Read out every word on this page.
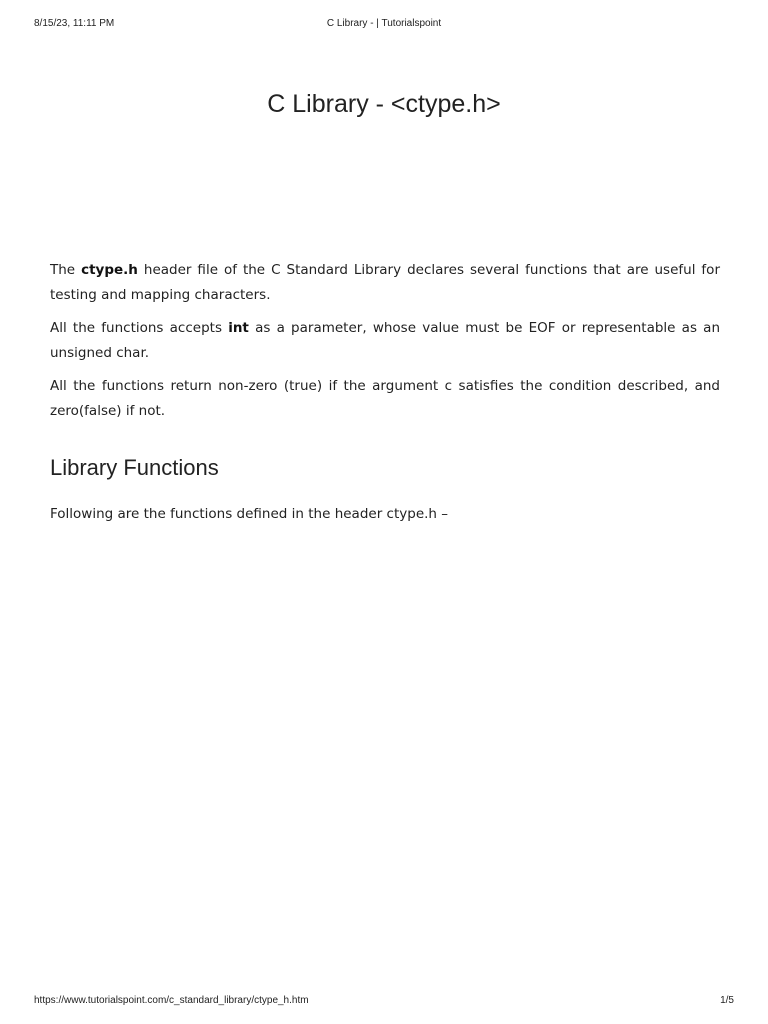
8/15/23, 11:11 PM	C Library - | Tutorialspoint
C Library - <ctype.h>

The ctype.h header file of the C Standard Library declares several functions that are useful for testing and mapping characters.

All the functions accepts int as a parameter, whose value must be EOF or representable as an unsigned char.

All the functions return non-zero (true) if the argument c satisfies the condition described, and zero(false) if not.

Library Functions

Following are the functions defined in the header ctype.h –

https://www.tutorialspoint.com/c_standard_library/ctype_h.htm	1/5
